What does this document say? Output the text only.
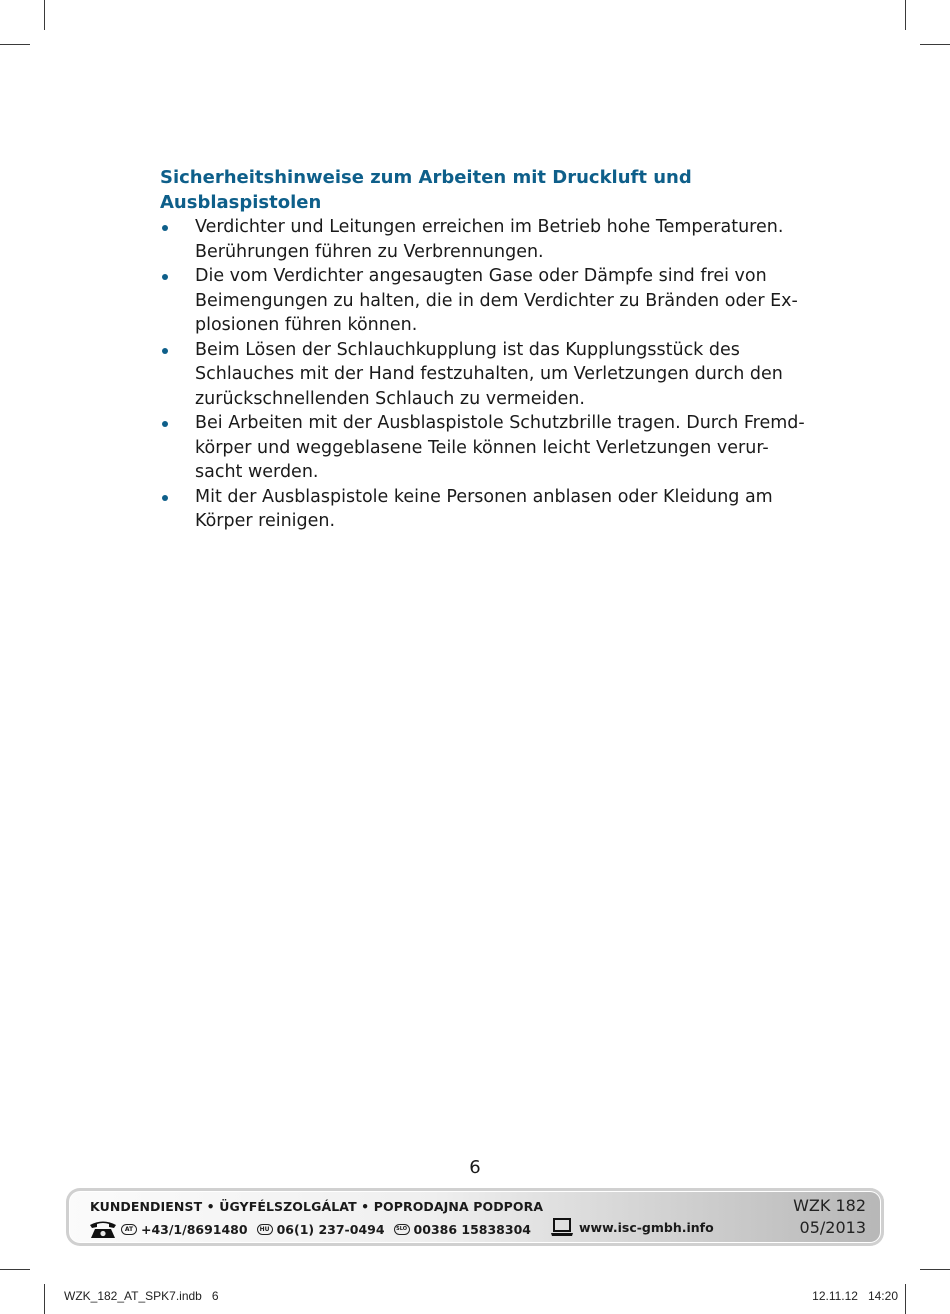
Sicherheitshinweise zum Arbeiten mit Druckluft und
Ausblaspistolen
Verdichter und Leitungen erreichen im Betrieb hohe Temperaturen.
Berührungen führen zu Verbrennungen.
Die vom Verdichter angesaugten Gase oder Dämpfe sind frei von
Beimengungen zu halten, die in dem Verdichter zu Bränden oder Ex-
plosionen führen können.
Beim Lösen der Schlauchkupplung ist das Kupplungsstück des
Schlauches mit der Hand festzuhalten, um Verletzungen durch den
zurückschnellenden Schlauch zu vermeiden.
Bei Arbeiten mit der Ausblaspistole Schutzbrille tragen. Durch Fremd-
körper und weggeblasene Teile können leicht Verletzungen verur-
sacht werden.
Mit der Ausblaspistole keine Personen anblasen oder Kleidung am
Körper reinigen.
6
KUNDENDIENST • ÜGYFÉLSZOLGÁLAT • POPRODAJNA PODPORA
AT +43/1/8691480	HU 06(1) 237-0494	SLO 00386 15838304	www.isc-gmbh.info
WZK 182
05/2013
WZK_182_AT_SPK7.indb   6	12.11.12   14:20
